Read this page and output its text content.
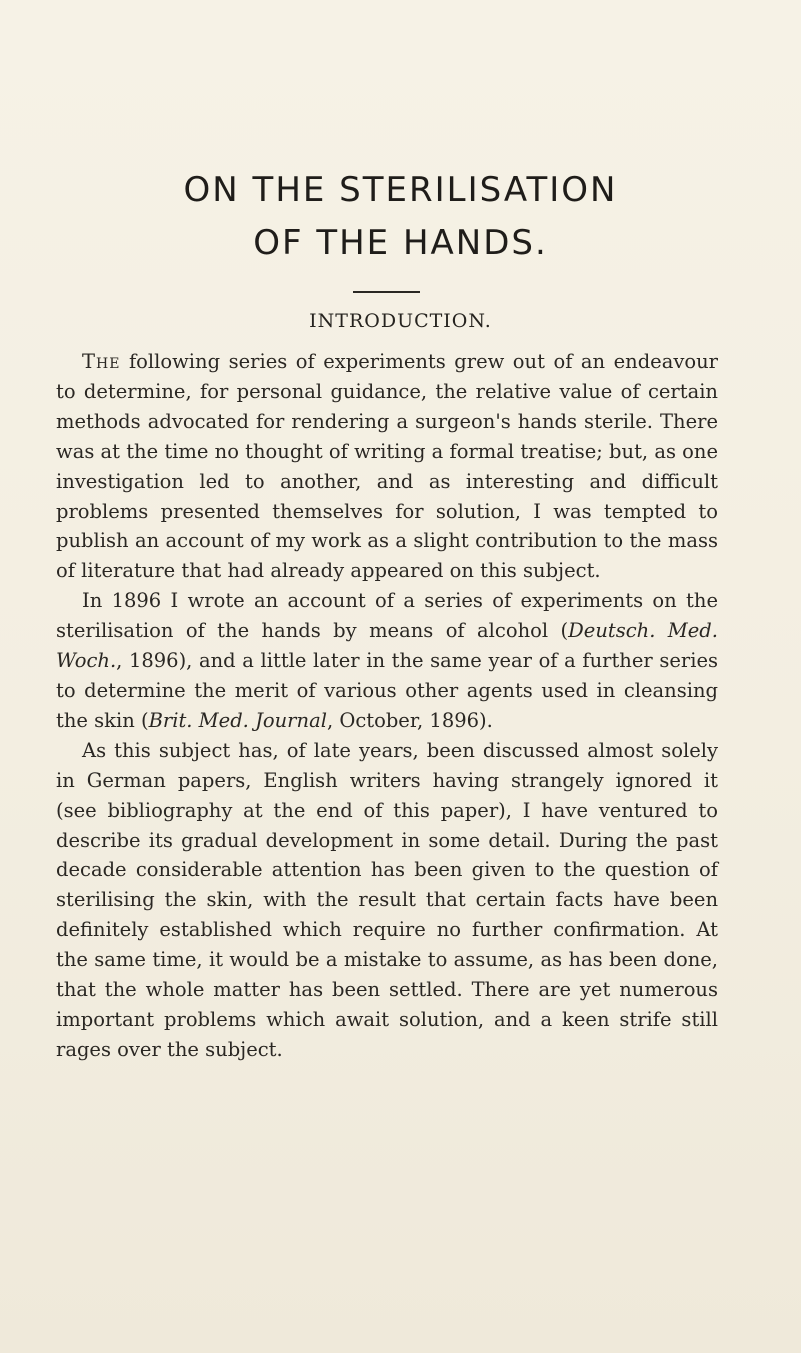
ON THE STERILISATION
OF THE HANDS.
INTRODUCTION.

The following series of experiments grew out of an endeavour to determine, for personal guidance, the relative value of certain methods advocated for rendering a surgeon's hands sterile. There was at the time no thought of writing a formal treatise; but, as one investigation led to another, and as interesting and difficult problems presented themselves for solution, I was tempted to publish an account of my work as a slight contribution to the mass of literature that had already appeared on this subject.

In 1896 I wrote an account of a series of experiments on the sterilisation of the hands by means of alcohol (Deutsch. Med. Woch., 1896), and a little later in the same year of a further series to determine the merit of various other agents used in cleansing the skin (Brit. Med. Journal, October, 1896).

As this subject has, of late years, been discussed almost solely in German papers, English writers having strangely ignored it (see bibliography at the end of this paper), I have ventured to describe its gradual development in some detail. During the past decade considerable attention has been given to the question of sterilising the skin, with the result that certain facts have been definitely established which require no further confirmation. At the same time, it would be a mistake to assume, as has been done, that the whole matter has been settled. There are yet numerous important problems which await solution, and a keen strife still rages over the subject.
